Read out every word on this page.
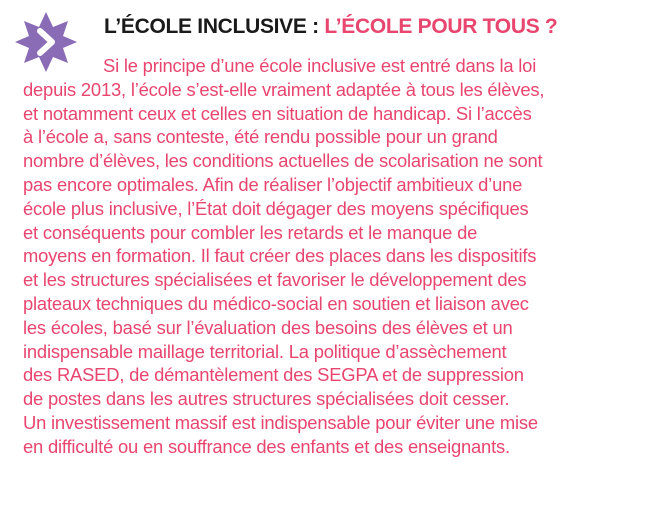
L’ÉCOLE INCLUSIVE : L’ÉCOLE POUR TOUS ?

Si le principe d’une école inclusive est entré dans la loi
depuis 2013, l’école s’est-elle vraiment adaptée à tous les élèves,
et notamment ceux et celles en situation de handicap. Si l’accès
à l’école a, sans conteste, été rendu possible pour un grand
nombre d’élèves, les conditions actuelles de scolarisation ne sont
pas encore optimales. Afin de réaliser l’objectif ambitieux d’une
école plus inclusive, l’État doit dégager des moyens spécifiques
et conséquents pour combler les retards et le manque de
moyens en formation. Il faut créer des places dans les dispositifs
et les structures spécialisées et favoriser le développement des
plateaux techniques du médico-social en soutien et liaison avec
les écoles, basé sur l’évaluation des besoins des élèves et un
indispensable maillage territorial. La politique d’assèchement
des RASED, de démantèlement des SEGPA et de suppression
de postes dans les autres structures spécialisées doit cesser.
Un investissement massif est indispensable pour éviter une mise
en difficulté ou en souffrance des enfants et des enseignants.
